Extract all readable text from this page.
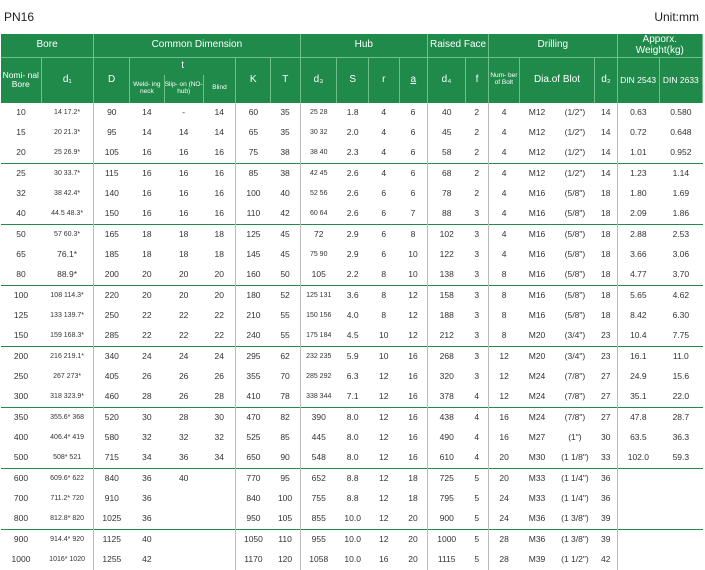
PN16	Unit:mm
Bore		Common Dimension						Hub				Raised Face		Drilling				Apporx. Weight(kg)	
Nomi- nal Bore	d₁	D	t			K	T	d₃	S	r	a	d₄	f	Num- ber of Bolt	Dia.of Blot		d₂	DIN 2543	DIN 2633
			Weld- ing neck	Slip- on (NO-hub)	Blind														
10	14 17.2*	90	14	-	14	60	35	25 28	1.8	4	6	40	2	4	M12	(1/2")	14	0.63	0.580
15	20 21.3*	95	14	14	14	65	35	30 32	2.0	4	6	45	2	4	M12	(1/2")	14	0.72	0.648
20	25 26.9*	105	16	16	16	75	38	38 40	2.3	4	6	58	2	4	M12	(1/2")	14	1.01	0.952
25	30 33.7*	115	16	16	16	85	38	42 45	2.6	4	6	68	2	4	M12	(1/2")	14	1.23	1.14
32	38 42.4*	140	16	16	16	100	40	52 56	2.6	6	6	78	2	4	M16	(5/8")	18	1.80	1.69
40	44.5 48.3*	150	16	16	16	110	42	60 64	2.6	6	7	88	3	4	M16	(5/8")	18	2.09	1.86
50	57 60.3*	165	18	18	18	125	45	72	2.9	6	8	102	3	4	M16	(5/8")	18	2.88	2.53
65	76.1*	185	18	18	18	145	45	75 90	2.9	6	10	122	3	4	M16	(5/8")	18	3.66	3.06
80	88.9*	200	20	20	20	160	50	105	2.2	8	10	138	3	8	M16	(5/8")	18	4.77	3.70
100	108 114.3*	220	20	20	20	180	52	125 131	3.6	8	12	158	3	8	M16	(5/8")	18	5.65	4.62
125	133 139.7*	250	22	22	22	210	55	150 156	4.0	8	12	188	3	8	M16	(5/8")	18	8.42	6.30
150	159 168.3*	285	22	22	22	240	55	175 184	4.5	10	12	212	3	8	M20	(3/4")	23	10.4	7.75
200	216 219.1*	340	24	24	24	295	62	232 235	5.9	10	16	268	3	12	M20	(3/4")	23	16.1	11.0
250	267 273*	405	26	26	26	355	70	285 292	6.3	12	16	320	3	12	M24	(7/8")	27	24.9	15.6
300	318 323.9*	460	28	26	28	410	78	338 344	7.1	12	16	378	4	12	M24	(7/8")	27	35.1	22.0
350	355.6* 368	520	30	28	30	470	82	390	8.0	12	16	438	4	16	M24	(7/8")	27	47.8	28.7
400	406.4* 419	580	32	32	32	525	85	445	8.0	12	16	490	4	16	M27	(1")	30	63.5	36.3
500	508* 521	715	34	36	34	650	90	548	8.0	12	16	610	4	20	M30	(1 1/8")	33	102.0	59.3
600	609.6* 622	840	36	40		770	95	652	8.8	12	18	725	5	20	M33	(1 1/4")	36		
700	711.2* 720	910	36			840	100	755	8.8	12	18	795	5	24	M33	(1 1/4")	36		
800	812.8* 820	1025	36			950	105	855	10.0	12	20	900	5	24	M36	(1 3/8")	39		
900	914.4* 920	1125	40			1050	110	955	10.0	12	20	1000	5	28	M36	(1 3/8")	39		
1000	1016* 1020	1255	42			1170	120	1058	10.0	16	20	1115	5	28	M39	(1 1/2")	42		
